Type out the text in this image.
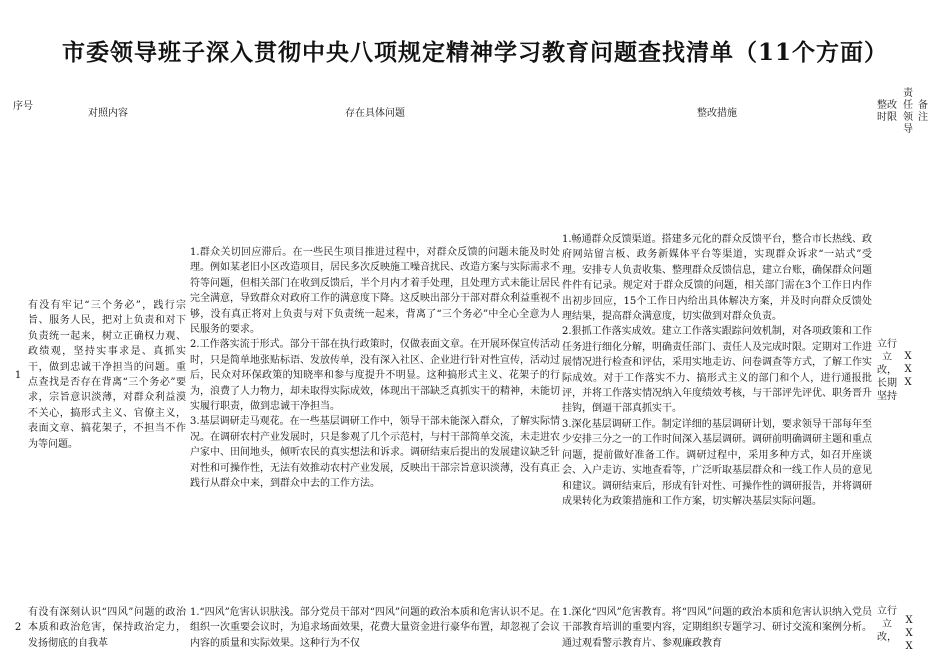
市委领导班子深入贯彻中央八项规定精神学习教育问题查找清单（11个方面）
序号
对照内容	存在具体问题	整改措施
整改时限
责任领导
备注
1
有没有牢记“三个务必”，践行宗旨、服务人民，把对上负责和对下负责统一起来，树立正确权力观、政绩观，坚持实事求是、真抓实干，做到忠诚干净担当的问题。重点查找是否存在背离“三个务必”要求，宗旨意识淡薄，对群众利益漠不关心，搞形式主义、官僚主义，表面文章、搞花架子，不担当不作为等问题。

1.群众关切回应滞后。在一些民生项目推进过程中，对群众反馈的问题未能及时处理。例如某老旧小区改造项目，居民多次反映施工噪音扰民、改造方案与实际需求不符等问题，但相关部门在收到反馈后，半个月内才着手处理，且处理方式未能让居民完全满意，导致群众对政府工作的满意度下降。这反映出部分干部对群众利益重视不够，没有真正将对上负责与对下负责统一起来，背离了“三个务必”中全心全意为人民服务的要求。

2.工作落实流于形式。部分干部在执行政策时，仅做表面文章。在开展环保宣传活动时，只是简单地张贴标语、发放传单，没有深入社区、企业进行针对性宣传，活动过后，民众对环保政策的知晓率和参与度提升不明显。这种搞形式主义、花架子的行为，浪费了人力物力，却未取得实际成效，体现出干部缺乏真抓实干的精神，未能切实履行职责，做到忠诚干净担当。

3.基层调研走马观花。在一些基层调研工作中，领导干部未能深入群众，了解实际情况。在调研农村产业发展时，只是参观了几个示范村，与村干部简单交流，未走进农户家中、田间地头，倾听农民的真实想法和诉求。调研结束后提出的发展建议缺乏针对性和可操作性，无法有效推动农村产业发展，反映出干部宗旨意识淡薄，没有真正践行从群众中来，到群众中去的工作方法。

1.畅通群众反馈渠道。搭建多元化的群众反馈平台，整合市长热线、政府网站留言板、政务新媒体平台等渠道，实现群众诉求“一站式”受理。安排专人负责收集、整理群众反馈信息，建立台账，确保群众问题件件有记录。规定对于群众反馈的问题，相关部门需在3个工作日内作出初步回应，15个工作日内给出具体解决方案，并及时向群众反馈处理结果，提高群众满意度，切实做到对群众负责。

2.狠抓工作落实成效。建立工作落实跟踪问效机制，对各项政策和工作任务进行细化分解，明确责任部门、责任人及完成时限。定期对工作进展情况进行检查和评估，采用实地走访、问卷调查等方式，了解工作实际成效。对于工作落实不力、搞形式主义的部门和个人，进行通报批评，并将工作落实情况纳入年度绩效考核，与干部评先评优、职务晋升挂钩，倒逼干部真抓实干。

3.深化基层调研工作。制定详细的基层调研计划，要求领导干部每年至少安排三分之一的工作时间深入基层调研。调研前明确调研主题和重点问题，提前做好准备工作。调研过程中，采用多种方式，如召开座谈会、入户走访、实地查看等，广泛听取基层群众和一线工作人员的意见和建议。调研结束后，形成有针对性、可操作性的调研报告，并将调研成果转化为政策措施和工作方案，切实解决基层实际问题。

立行立改，长期坚持
XXX
2
有没有深刻认识“四风”问题的政治本质和政治危害，保持政治定力，发扬彻底的自我革

1.“四风”危害认识肤浅。部分党员干部对“四风”问题的政治本质和危害认识不足。在组织一次重要会议时，为追求场面效果，花费大量资金进行豪华布置，却忽视了会议内容的质量和实际效果。这种行为不仅

1.深化“四风”危害教育。将“四风”问题的政治本质和危害认识纳入党员干部教育培训的重要内容，定期组织专题学习、研讨交流和案例分析。通过观看警示教育片、参观廉政教育

立行立改，
XXX
